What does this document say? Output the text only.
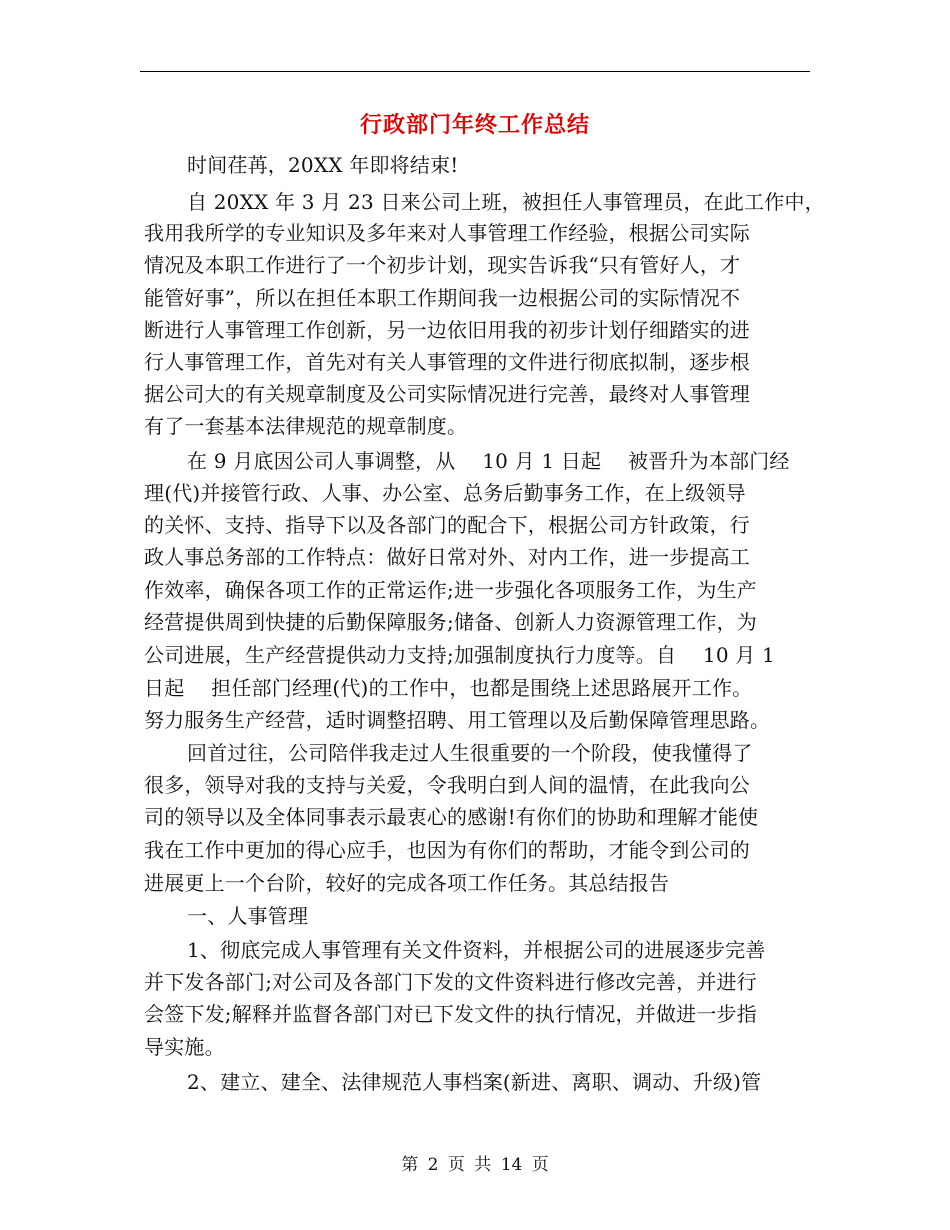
行政部门年终工作总结
时间荏苒，20XX 年即将结束!
自 20XX 年 3 月 23 日来公司上班，被担任人事管理员，在此工作中，
我用我所学的专业知识及多年来对人事管理工作经验，根据公司实际
情况及本职工作进行了一个初步计划，现实告诉我“只有管好人，才
能管好事”，所以在担任本职工作期间我一边根据公司的实际情况不
断进行人事管理工作创新，另一边依旧用我的初步计划仔细踏实的进
行人事管理工作，首先对有关人事管理的文件进行彻底拟制，逐步根
据公司大的有关规章制度及公司实际情况进行完善，最终对人事管理
有了一套基本法律规范的规章制度。
在 9 月底因公司人事调整，从　 10 月 1 日起　 被晋升为本部门经
理(代)并接管行政、人事、办公室、总务后勤事务工作，在上级领导
的关怀、支持、指导下以及各部门的配合下，根据公司方针政策，行
政人事总务部的工作特点：做好日常对外、对内工作，进一步提高工
作效率，确保各项工作的正常运作;进一步强化各项服务工作，为生产
经营提供周到快捷的后勤保障服务;储备、创新人力资源管理工作，为
公司进展，生产经营提供动力支持;加强制度执行力度等。自　 10 月 1
日起　 担任部门经理(代)的工作中，也都是围绕上述思路展开工作。
努力服务生产经营，适时调整招聘、用工管理以及后勤保障管理思路。
回首过往，公司陪伴我走过人生很重要的一个阶段，使我懂得了
很多，领导对我的支持与关爱，令我明白到人间的温情，在此我向公
司的领导以及全体同事表示最衷心的感谢!有你们的协助和理解才能使
我在工作中更加的得心应手，也因为有你们的帮助，才能令到公司的
进展更上一个台阶，较好的完成各项工作任务。其总结报告
一、人事管理
1、彻底完成人事管理有关文件资料，并根据公司的进展逐步完善
并下发各部门;对公司及各部门下发的文件资料进行修改完善，并进行
会签下发;解释并监督各部门对已下发文件的执行情况，并做进一步指
导实施。
2、建立、建全、法律规范人事档案(新进、离职、调动、升级)管
第 2 页 共 14 页
